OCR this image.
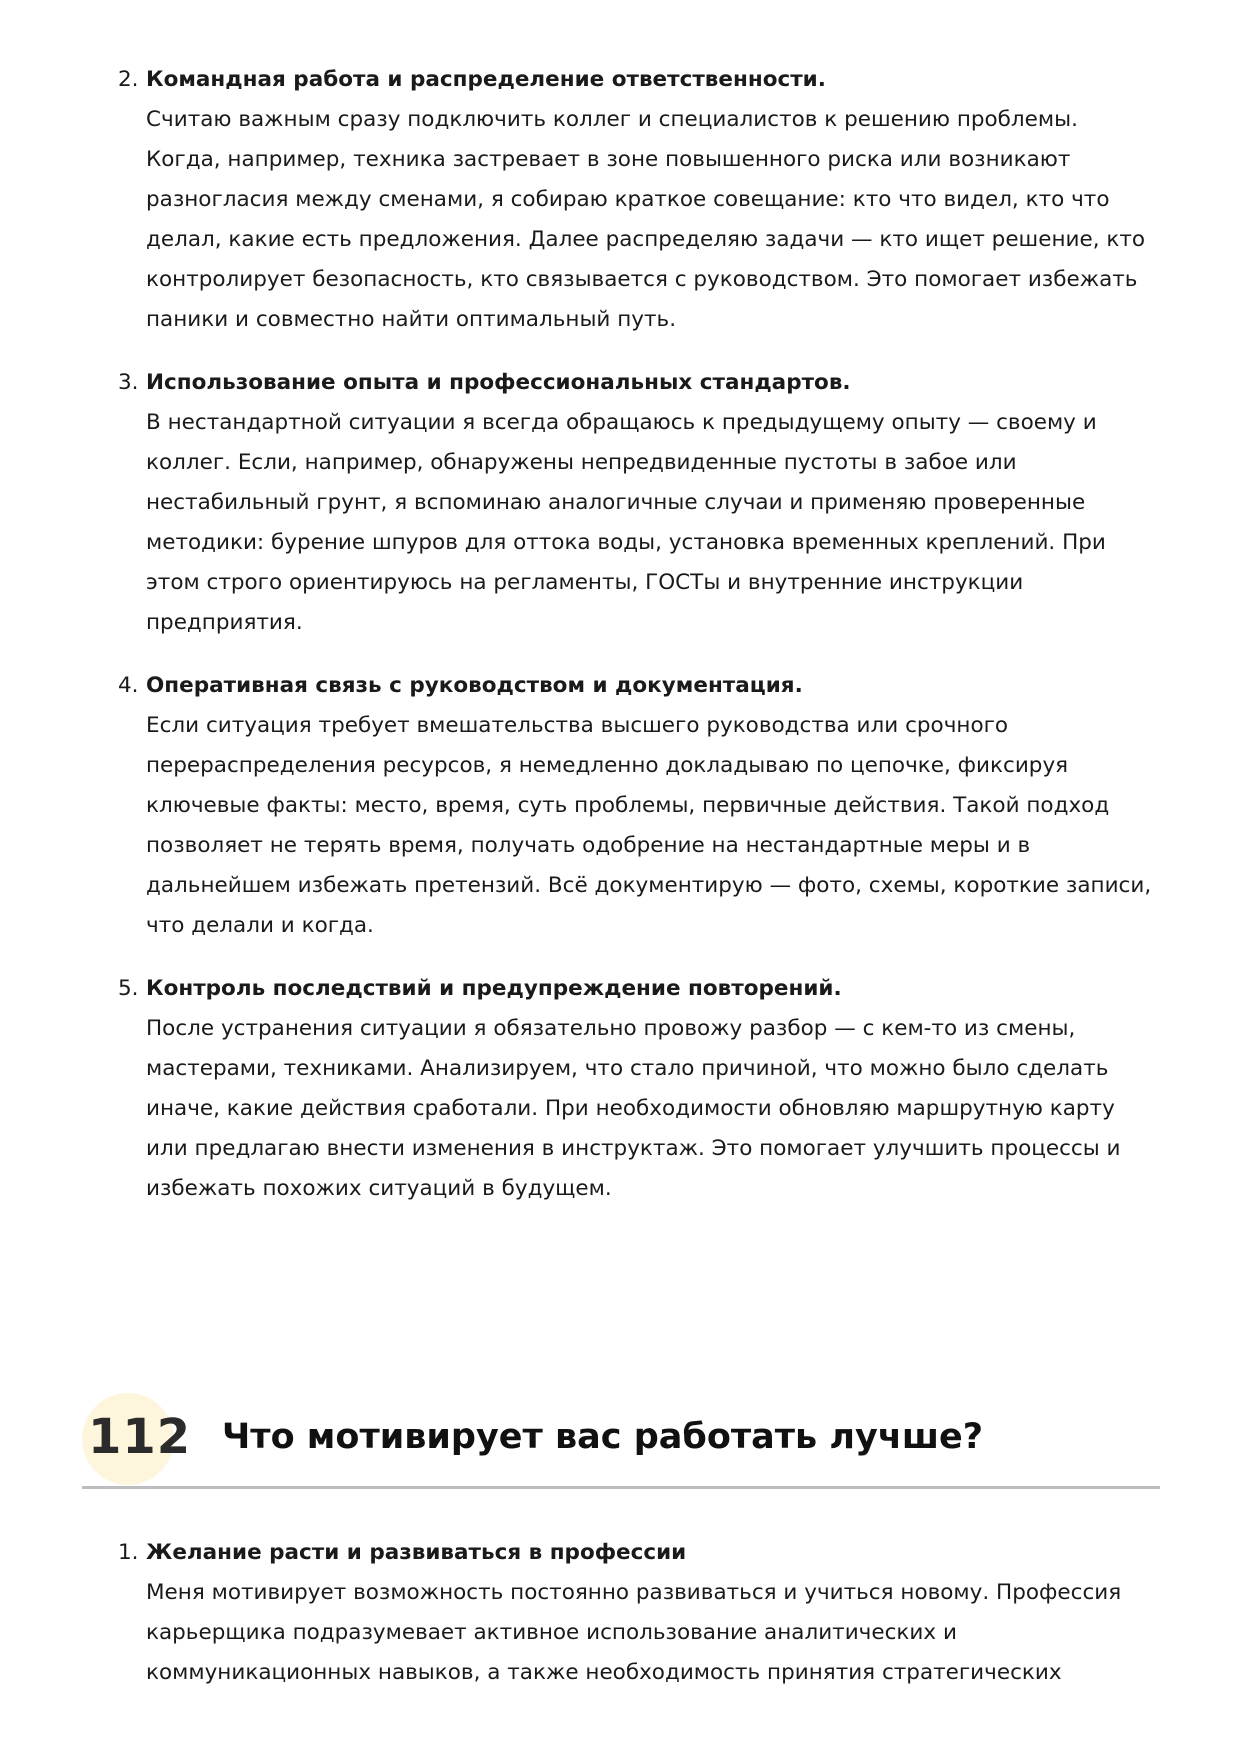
2. Командная работа и распределение ответственности.

Считаю важным сразу подключить коллег и специалистов к решению проблемы.
Когда, например, техника застревает в зоне повышенного риска или возникают
разногласия между сменами, я собираю краткое совещание: кто что видел, кто что
делал, какие есть предложения. Далее распределяю задачи — кто ищет решение, кто
контролирует безопасность, кто связывается с руководством. Это помогает избежать
паники и совместно найти оптимальный путь.

3. Использование опыта и профессиональных стандартов.

В нестандартной ситуации я всегда обращаюсь к предыдущему опыту — своему и
коллег. Если, например, обнаружены непредвиденные пустоты в забое или
нестабильный грунт, я вспоминаю аналогичные случаи и применяю проверенные
методики: бурение шпуров для оттока воды, установка временных креплений. При
этом строго ориентируюсь на регламенты, ГОСТы и внутренние инструкции
предприятия.

4. Оперативная связь с руководством и документация.

Если ситуация требует вмешательства высшего руководства или срочного
перераспределения ресурсов, я немедленно докладываю по цепочке, фиксируя
ключевые факты: место, время, суть проблемы, первичные действия. Такой подход
позволяет не терять время, получать одобрение на нестандартные меры и в
дальнейшем избежать претензий. Всё документирую — фото, схемы, короткие записи,
что делали и когда.

5. Контроль последствий и предупреждение повторений.

После устранения ситуации я обязательно провожу разбор — с кем-то из смены,
мастерами, техниками. Анализируем, что стало причиной, что можно было сделать
иначе, какие действия сработали. При необходимости обновляю маршрутную карту
или предлагаю внести изменения в инструктаж. Это помогает улучшить процессы и
избежать похожих ситуаций в будущем.

112 Что мотивирует вас работать лучше?
1. Желание расти и развиваться в профессии

Меня мотивирует возможность постоянно развиваться и учиться новому. Профессия
карьерщика подразумевает активное использование аналитических и
коммуникационных навыков, а также необходимость принятия стратегических
